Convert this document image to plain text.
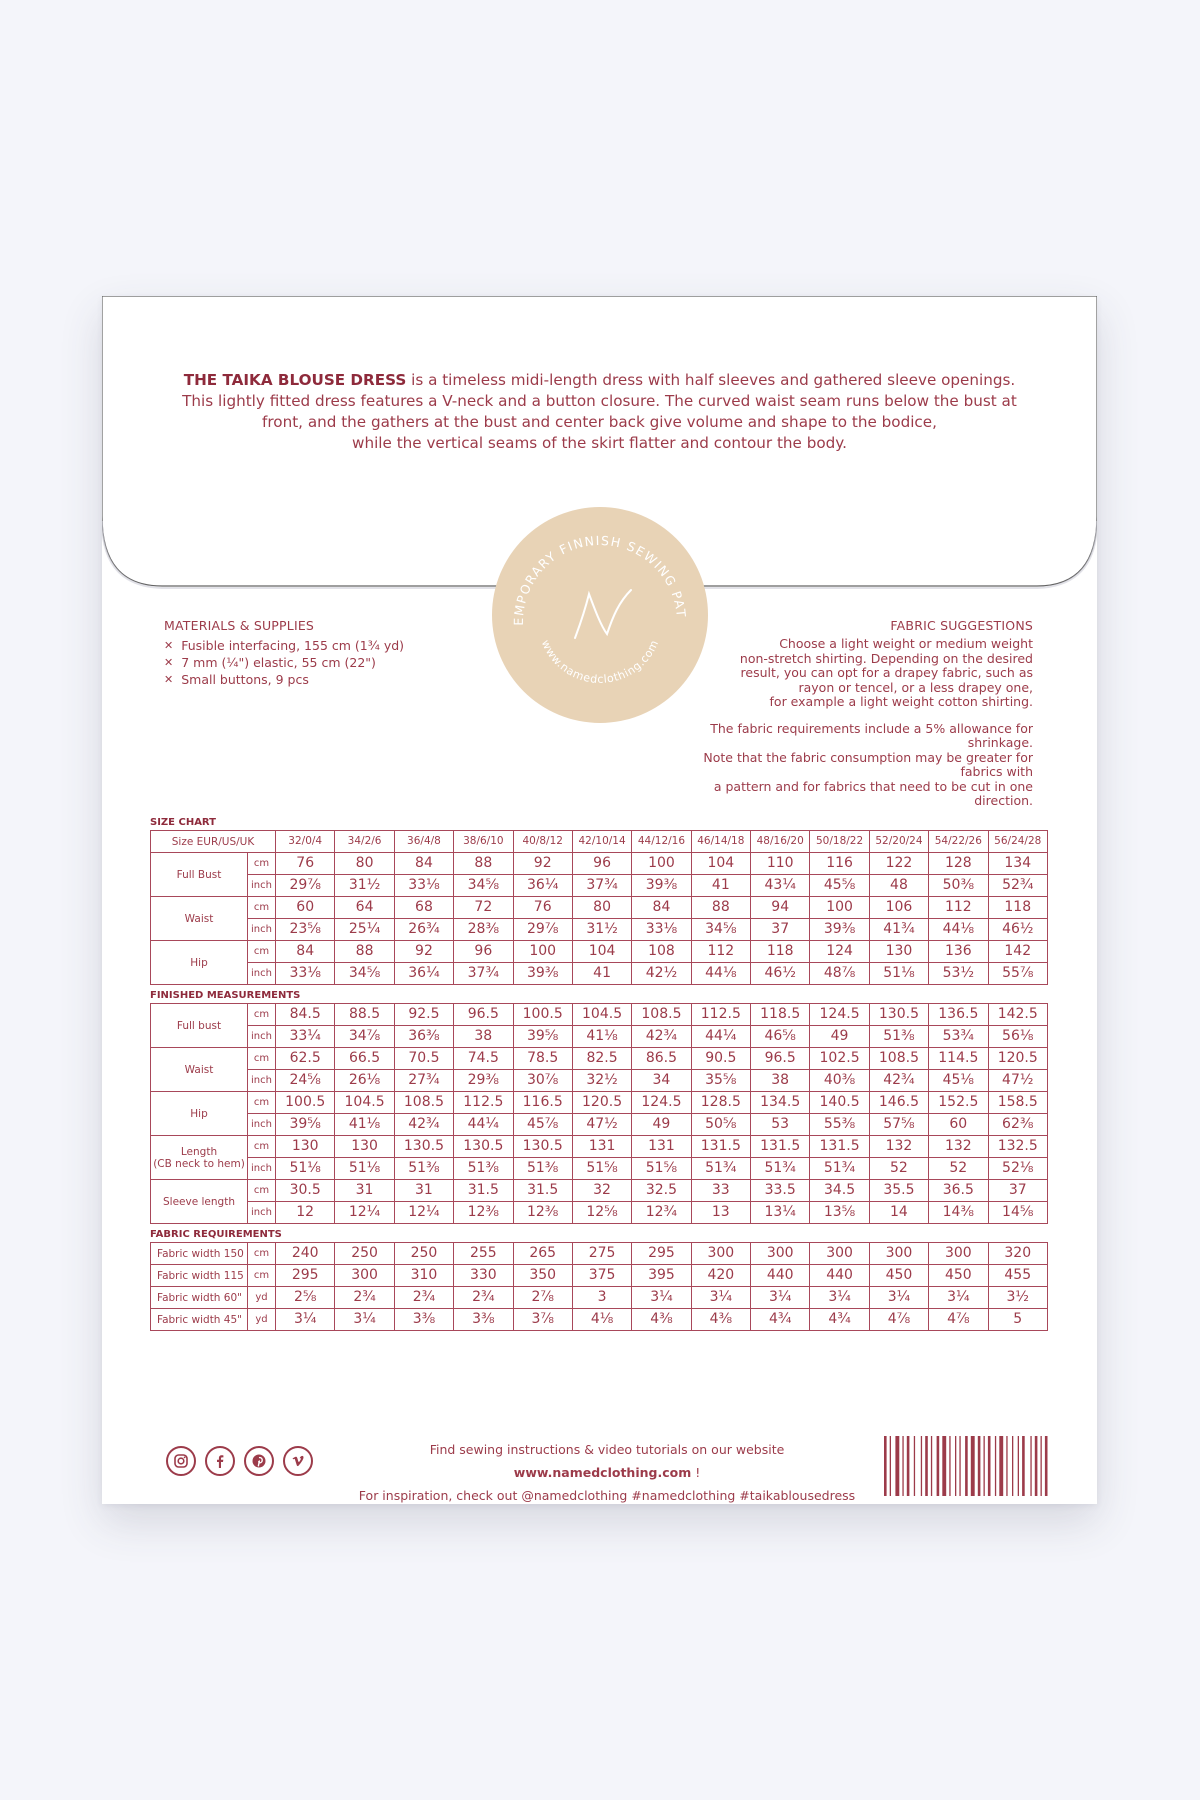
THE TAIKA BLOUSE DRESS is a timeless midi-length dress with half sleeves and gathered sleeve openings.
This lightly fitted dress features a V-neck and a button closure. The curved waist seam runs below the bust at
front, and the gathers at the bust and center back give volume and shape to the bodice,
while the vertical seams of the skirt flatter and contour the body.
EMPORARY FINNISH SEWING PAT
www.namedclothing.com
MATERIALS & SUPPLIES
✕ Fusible interfacing, 155 cm (1¾ yd)
✕ 7 mm (¼") elastic, 55 cm (22")
✕ Small buttons, 9 pcs
FABRIC SUGGESTIONS

Choose a light weight or medium weight

non-stretch shirting. Depending on the desired

result, you can opt for a drapey fabric, such as

rayon or tencel, or a less drapey one,

for example a light weight cotton shirting.

The fabric requirements include a 5% allowance for shrinkage.

Note that the fabric consumption may be greater for fabrics with

a pattern and for fabrics that need to be cut in one direction.

SIZE CHART
Size EUR/US/UK		32/0/4	34/2/6	36/4/8	38/6/10	40/8/12	42/10/14	44/12/16	46/14/18	48/16/20	50/18/22	52/20/24	54/22/26	56/24/28
Full Bust	cm	76	80	84	88	92	96	100	104	110	116	122	128	134
	inch	29⅞	31½	33⅛	34⅝	36¼	37¾	39⅜	41	43¼	45⅝	48	50⅜	52¾
Waist	cm	60	64	68	72	76	80	84	88	94	100	106	112	118
	inch	23⅝	25¼	26¾	28⅜	29⅞	31½	33⅛	34⅝	37	39⅜	41¾	44⅛	46½
Hip	cm	84	88	92	96	100	104	108	112	118	124	130	136	142
	inch	33⅛	34⅝	36¼	37¾	39⅜	41	42½	44⅛	46½	48⅞	51⅛	53½	55⅞
FINISHED MEASUREMENTS
Full bust	cm	84.5	88.5	92.5	96.5	100.5	104.5	108.5	112.5	118.5	124.5	130.5	136.5	142.5
	inch	33¼	34⅞	36⅜	38	39⅝	41⅛	42¾	44¼	46⅝	49	51⅜	53¾	56⅛

Waist	cm	62.5	66.5	70.5	74.5	78.5	82.5	86.5	90.5	96.5	102.5	108.5	114.5	120.5
	inch	24⅝	26⅛	27¾	29⅜	30⅞	32½	34	35⅝	38	40⅜	42¾	45⅛	47½

Hip	cm	100.5	104.5	108.5	112.5	116.5	120.5	124.5	128.5	134.5	140.5	146.5	152.5	158.5
	inch	39⅝	41⅛	42¾	44¼	45⅞	47½	49	50⅝	53	55⅜	57⅝	60	62⅜

Length
(CB neck to hem)	cm	130	130	130.5	130.5	130.5	131	131	131.5	131.5	131.5	132	132	132.5
	inch	51⅛	51⅛	51⅜	51⅜	51⅜	51⅝	51⅝	51¾	51¾	51¾	52	52	52⅛

Sleeve length	cm	30.5	31	31	31.5	31.5	32	32.5	33	33.5	34.5	35.5	36.5	37
	inch	12	12¼	12¼	12⅜	12⅜	12⅝	12¾	13	13¼	13⅝	14	14⅜	14⅝
FABRIC REQUIREMENTS
Fabric width 150	cm	240	250	250	255	265	275	295	300	300	300	300	300	320
Fabric width 115	cm	295	300	310	330	350	375	395	420	440	440	450	450	455
Fabric width 60"	yd	2⅝	2¾	2¾	2¾	2⅞	3	3¼	3¼	3¼	3¼	3¼	3¼	3½
Fabric width 45"	yd	3¼	3¼	3⅜	3⅜	3⅞	4⅛	4⅜	4⅜	4¾	4¾	4⅞	4⅞	5
Find sewing instructions & video tutorials on our website www.namedclothing.com !
For inspiration, check out @namedclothing #namedclothing #taikablousedress
